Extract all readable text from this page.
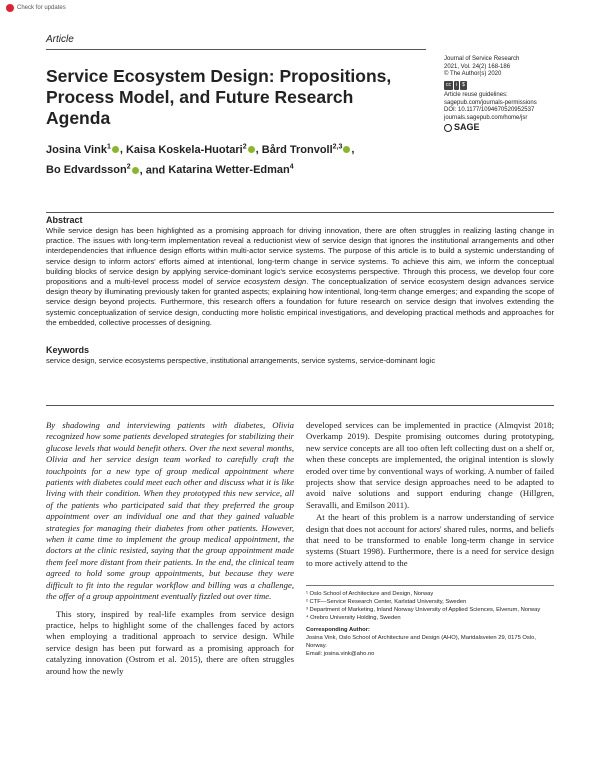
Check for updates
Article
Service Ecosystem Design: Propositions, Process Model, and Future Research Agenda
Josina Vink$^1$ , Kaisa Koskela-Huotari$^2$ , Bård Tronvoll$^{2,3}$ ,
Bo Edvardsson$^2$ , and Katarina Wetter-Edman$^4$
Journal of Service Research
2021, Vol. 24(2) 168-186
© The Author(s) 2020
cc	i	$
Article reuse guidelines:
sagepub.com/journals-permissions
DOI: 10.1177/1094670520952537
journals.sagepub.com/home/jsr
SAGE
Abstract
While service design has been highlighted as a promising approach for driving innovation, there are often struggles in realizing lasting change in practice. The issues with long-term implementation reveal a reductionist view of service design that ignores the institutional arrangements and other interdependencies that influence design efforts within multi-actor service systems. The purpose of this article is to build a systemic understanding of service design to inform actors' efforts aimed at intentional, long-term change in service systems. To achieve this aim, we inform the conceptual building blocks of service design by applying service-dominant logic's service ecosystems perspective. Through this process, we develop four core propositions and a multi-level process model of service ecosystem design. The conceptualization of service ecosystem design advances service design theory by illuminating previously taken for granted aspects; explaining how intentional, long-term change emerges; and expanding the scope of service design beyond projects. Furthermore, this research offers a foundation for future research on service design that involves extending the systemic conceptualization of service design, conducting more holistic empirical investigations, and developing practical methods and approaches for the embedded, collective processes of designing.
Keywords
service design, service ecosystems perspective, institutional arrangements, service systems, service-dominant logic

By shadowing and interviewing patients with diabetes, Olivia recognized how some patients developed strategies for stabilizing their glucose levels that would benefit others. Over the next several months, Olivia and her service design team worked to carefully craft the touchpoints for a new type of group medical appointment where patients with diabetes could meet each other and discuss what it is like living with their condition. When they prototyped this new service, all of the patients who participated said that they preferred the group appointment over an individual one and that they gained valuable strategies for managing their diabetes from other patients. However, when it came time to implement the group medical appointment, the doctors at the clinic resisted, saying that the group appointment made them feel more distant from their patients. In the end, the clinical team agreed to hold some group appointments, but because they were difficult to fit into the regular workflow and billing was a challenge, the offer of a group appointment eventually fizzled out over time.

This story, inspired by real-life examples from service design practice, helps to highlight some of the challenges faced by actors when employing a traditional approach to service design. While service design has been put forward as a promising approach for catalyzing innovation (Ostrom et al. 2015), there are often struggles around how the newly

developed services can be implemented in practice (Almqvist 2018; Overkamp 2019). Despite promising outcomes during prototyping, new service concepts are all too often left collecting dust on a shelf or, when these concepts are implemented, the original intention is slowly eroded over time by conventional ways of working. A number of failed projects show that service design approaches need to be adapted to avoid naïve solutions and support enduring change (Hillgren, Seravalli, and Emilson 2011).

At the heart of this problem is a narrow understanding of service design that does not account for actors' shared rules, norms, and beliefs that need to be transformed to enable long-term change in service systems (Stuart 1998). Furthermore, there is a need for service design to more actively attend to the

¹ Oslo School of Architecture and Design, Norway
² CTF—Service Research Center, Karlstad University, Sweden
³ Department of Marketing, Inland Norway University of Applied Sciences, Elverum, Norway
⁴ Orebro University Holding, Sweden
Corresponding Author:
Josina Vink, Oslo School of Architecture and Design (AHO), Maridalsveien 29, 0175 Oslo, Norway.
Email: josina.vink@aho.no
